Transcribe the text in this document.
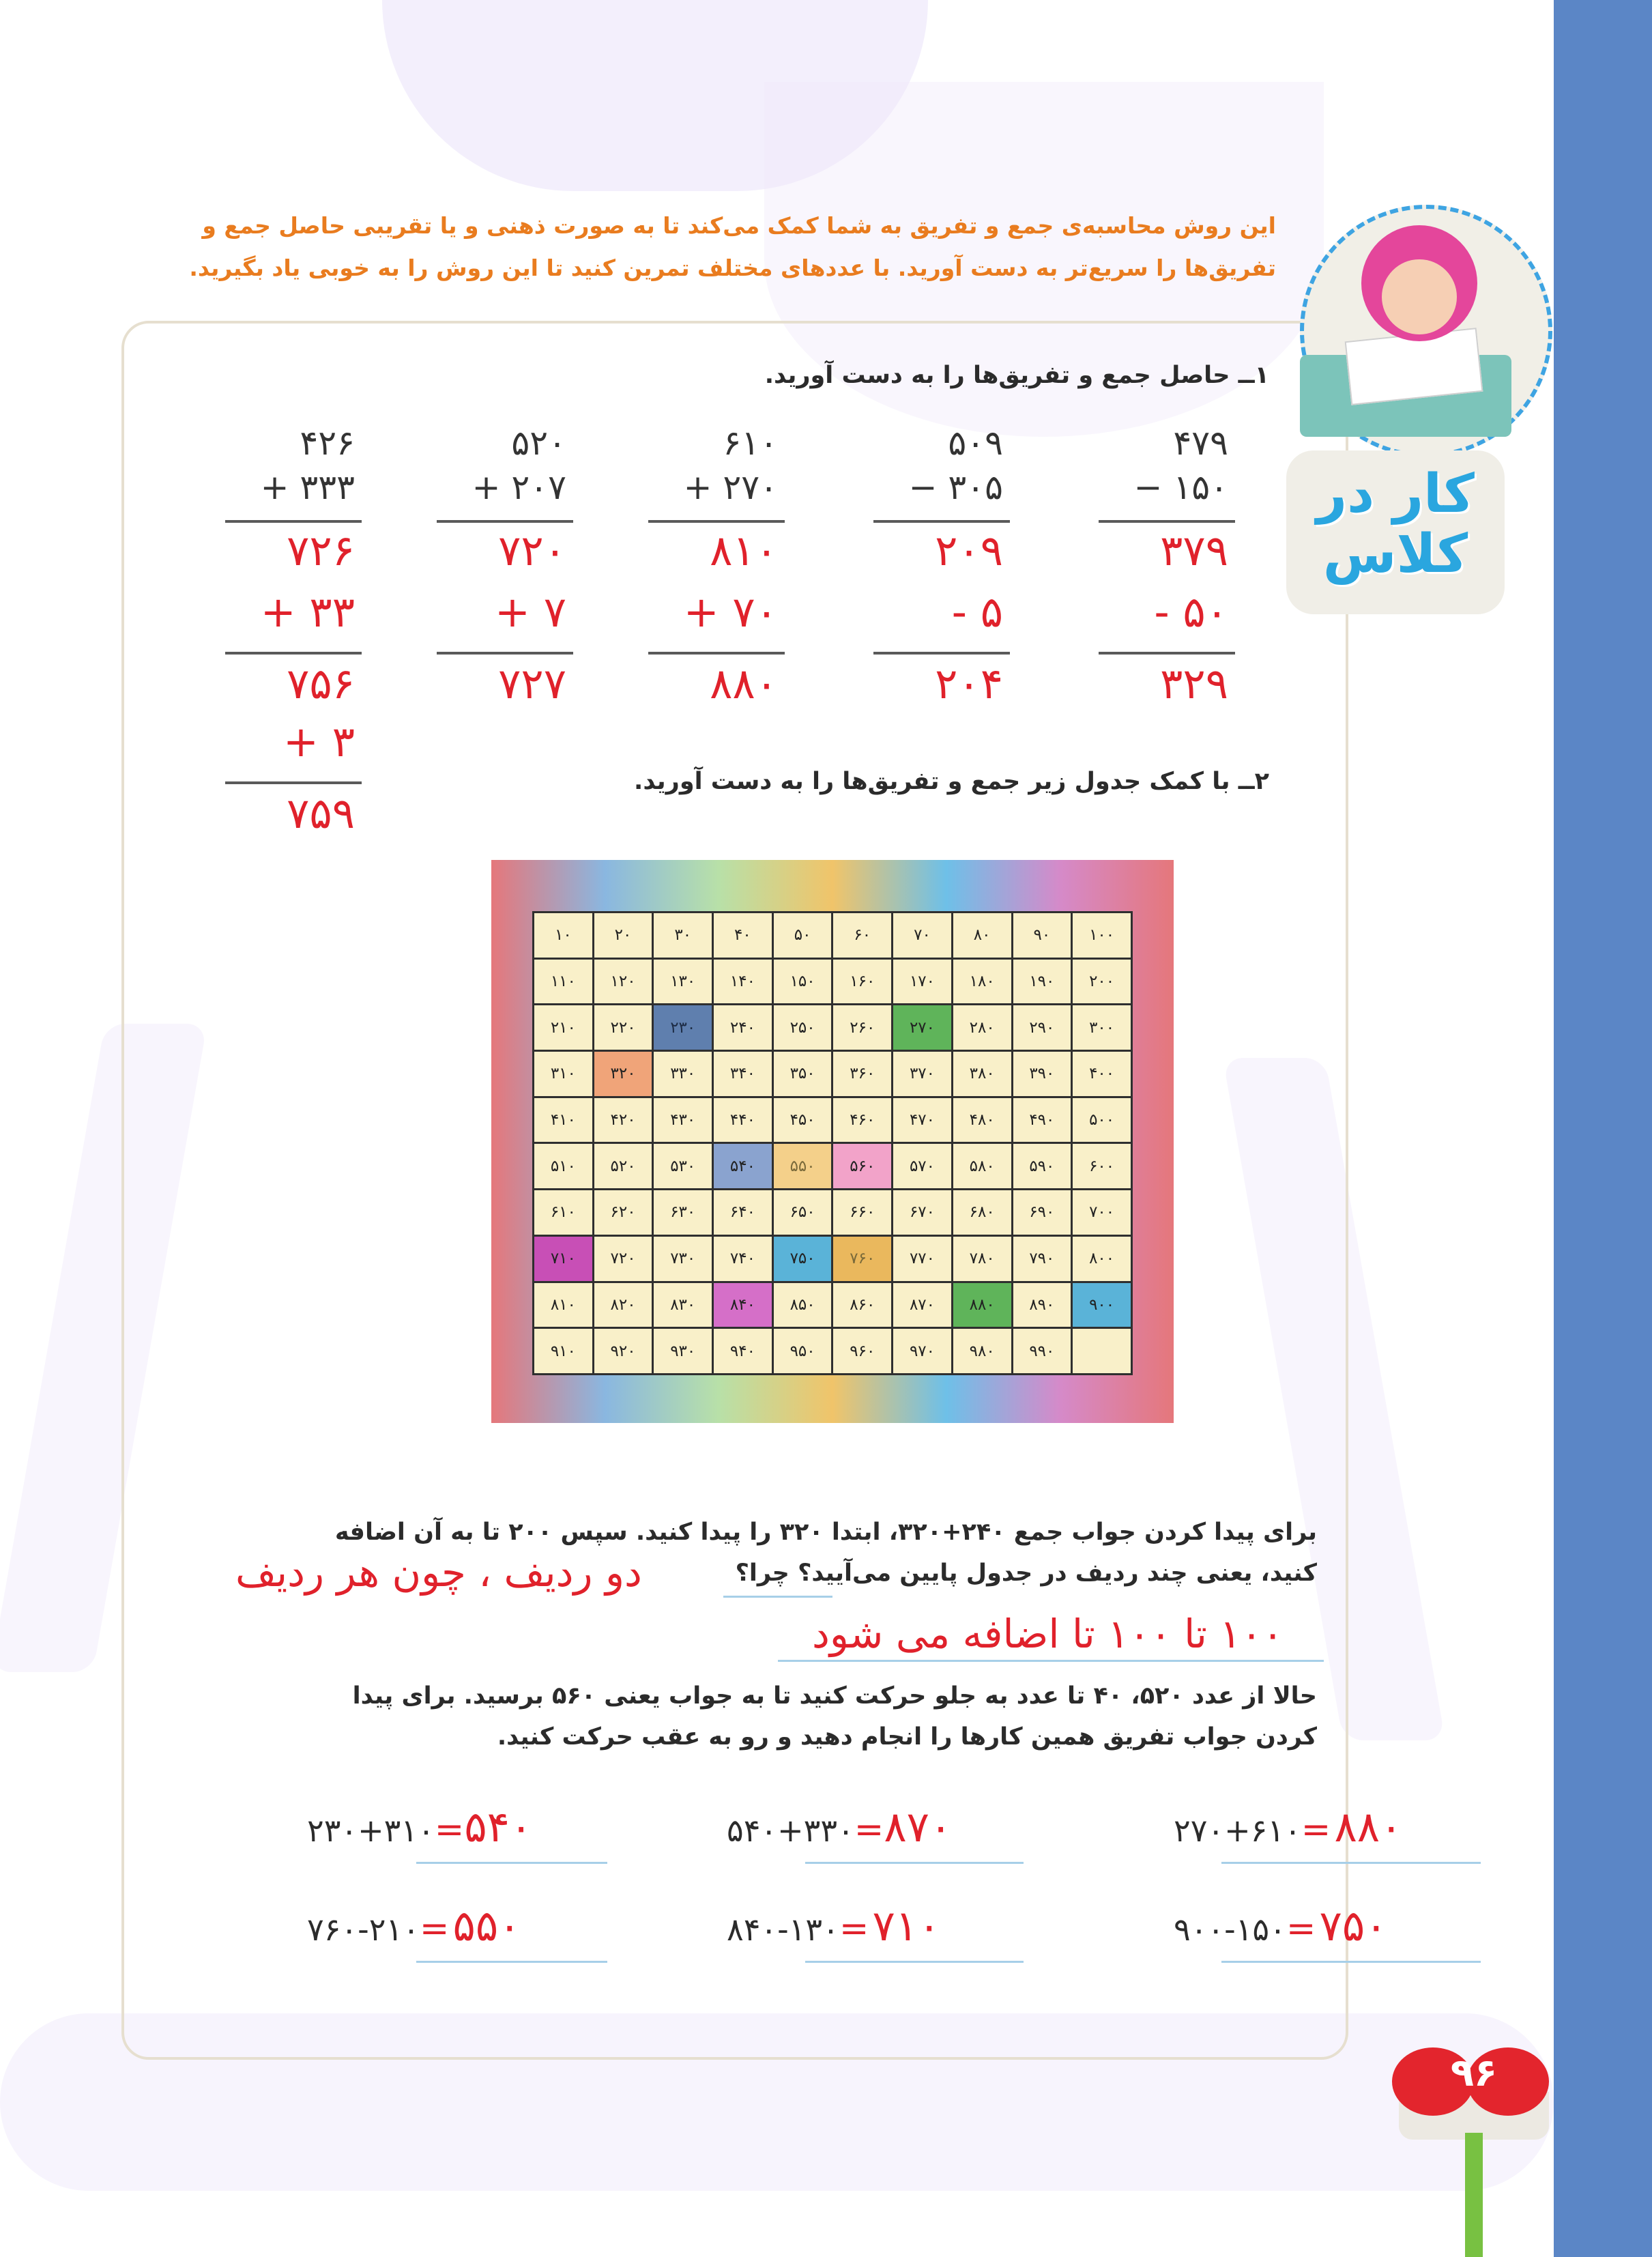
این روش محاسبه‌ی جمع و تفریق به شما کمک می‌کند تا به صورت ذهنی و یا تقریبی حاصل جمع و
تفریق‌ها را سریع‌تر به دست آورید. با عددهای مختلف تمرین کنید تا این روش را به خوبی یاد بگیرید.
کار در
کلاس
۱ــ حاصل جمع و تفریق‌ها را به دست آورید.
۴۷۹
− ۱۵۰
۳۷۹
- ۵۰
۳۲۹
۵۰۹
− ۳۰۵
۲۰۹
- ۵
۲۰۴
۶۱۰
+ ۲۷۰
۸۱۰
+ ۷۰
۸۸۰
۵۲۰
+ ۲۰۷
۷۲۰
+ ۷
۷۲۷
۴۲۶
+ ۳۳۳
۷۲۶
+ ۳۳
۷۵۶
+ ۳
۷۵۹
۲ــ با کمک جدول زیر جمع و تفریق‌ها را به دست آورید.
۱۰	۲۰	۳۰	۴۰	۵۰	۶۰	۷۰	۸۰	۹۰	۱۰۰
۱۱۰	۱۲۰	۱۳۰	۱۴۰	۱۵۰	۱۶۰	۱۷۰	۱۸۰	۱۹۰	۲۰۰
۲۱۰	۲۲۰	۲۳۰	۲۴۰	۲۵۰	۲۶۰	۲۷۰	۲۸۰	۲۹۰	۳۰۰
۳۱۰	۳۲۰	۳۳۰	۳۴۰	۳۵۰	۳۶۰	۳۷۰	۳۸۰	۳۹۰	۴۰۰
۴۱۰	۴۲۰	۴۳۰	۴۴۰	۴۵۰	۴۶۰	۴۷۰	۴۸۰	۴۹۰	۵۰۰
۵۱۰	۵۲۰	۵۳۰	۵۴۰	۵۵۰	۵۶۰	۵۷۰	۵۸۰	۵۹۰	۶۰۰
۶۱۰	۶۲۰	۶۳۰	۶۴۰	۶۵۰	۶۶۰	۶۷۰	۶۸۰	۶۹۰	۷۰۰
۷۱۰	۷۲۰	۷۳۰	۷۴۰	۷۵۰	۷۶۰	۷۷۰	۷۸۰	۷۹۰	۸۰۰
۸۱۰	۸۲۰	۸۳۰	۸۴۰	۸۵۰	۸۶۰	۸۷۰	۸۸۰	۸۹۰	۹۰۰
۹۱۰	۹۲۰	۹۳۰	۹۴۰	۹۵۰	۹۶۰	۹۷۰	۹۸۰	۹۹۰	
برای پیدا کردن جواب جمع ۲۴۰+۳۲۰، ابتدا ۳۲۰ را پیدا کنید. سپس ۲۰۰ تا به آن اضافه
کنید، یعنی چند ردیف در جدول پایین می‌آیید؟ چرا؟
دو ردیف ، چون هر ردیف
۱۰۰ تا ۱۰۰ تا اضافه می شود
حالا از عدد ۵۲۰، ۴۰ تا عدد به جلو حرکت کنید تا به جواب یعنی ۵۶۰ برسید. برای پیدا
کردن جواب تفریق همین کارها را انجام دهید و رو به عقب حرکت کنید.
۲۷۰+۶۱۰= ۸۸۰
۵۴۰+۳۳۰=۸۷۰
۲۳۰+۳۱۰=۵۴۰
۹۰۰-۱۵۰= ۷۵۰
۸۴۰-۱۳۰= ۷۱۰
۷۶۰-۲۱۰= ۵۵۰
۹۶
